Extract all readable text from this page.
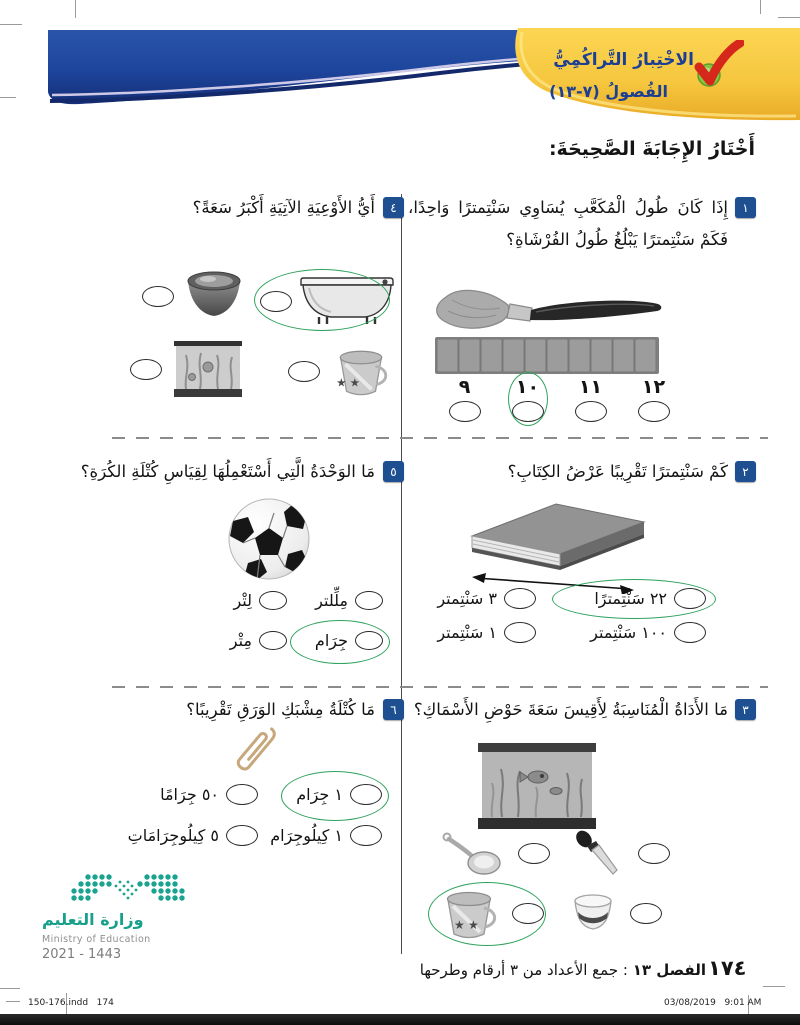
الاخْتِبارُ التَّراكُمِيُّ
الفُصولُ (٧-١٣)
أَخْتَارُ الإِجَابَةَ الصَّحِيحَةَ:
١
إِذَا كَانَ طُولُ الْمُكَعَّبِ يُسَاوِي سَنْتِمترًا وَاحِدًا، فَكَمْ سَنْتِمترًا يَبْلُغُ طُولُ الفُرْشَاةِ؟
٩ ١٠ ١١ ١٢
٢
كَمْ سَنْتِمترًا تَقْرِيبًا عَرْضُ الكِتَابِ؟
٢٢ سَنْتِمترًا
٣ سَنْتِمتر
١٠٠ سَنْتِمتر
١ سَنْتِمتر
٣
مَا الأَدَاةُ الْمُنَاسِبَةُ لِأَقِيسَ سَعَةَ حَوْضِ الأَسْمَاكِ؟
★ ★
٤
أَيُّ الأَوْعِيَةِ الآتِيَةِ أَكْبَرُ سَعَةً؟
★ ★
٥
مَا الوَحْدَةُ الَّتِي أَسْتَعْمِلُهَا لِقِيَاسِ كُتْلَةِ الكُرَةِ؟
مِلِّلتر
لِتْر
جِرَام
مِتْر
٦
مَا كُتْلَةُ مِشْبَكِ الوَرَقِ تَقْرِيبًا؟
١ جِرَام
٥٠ جِرَامًا
١ كِيلُوجِرَام
٥ كِيلُوجِرَامَاتِ
وزارة التعليم
Ministry of Education
2021 - 1443
١٧٤
الفصل ١٣ : جمع الأعداد من ٣ أرقام وطرحها
150-176.indd   174	03/08/2019   9:01 AM
